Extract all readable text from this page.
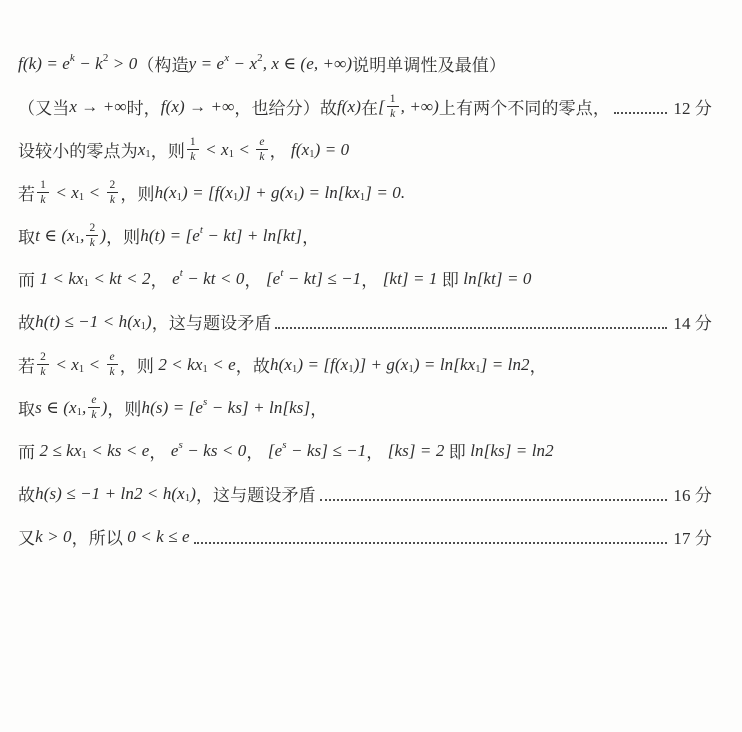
f(k) = e k − k 2 > 0 （构造 y = e x − x 2 , x ∈ (e, +∞) 说明单调性及最值）
（又当 x → +∞ 时， f(x) → +∞ ，也给分）故 f(x) 在 [ $\frac{1}{k}$ , +∞) 上有两个不同的零点，	12 分
设较小的零点为 x 1 ，则 $\frac{1}{k} < x$ $1 < \frac{e}{k}$ ， f(x 1 ) = 0
若 $\frac{1}{k} < x$ $1 < \frac{2}{k}$ ，则 h(x 1 ) = [f(x 1 )] + g(x 1 ) = ln[kx 1 ] = 0.
取 t ∈ (x 1 , $\frac{2}{k}$ ) ，则 h(t) = [e t − kt] + ln[kt] ，
而 1 < kx 1 < kt < 2 ， e t − kt < 0 ， [e t − kt] ≤ −1 ， [kt] = 1 即 ln[kt] = 0
故 h(t) ≤ −1 < h(x 1 ) ，这与题设矛盾	14 分
若 $\frac{2}{k} < x$ $1 < \frac{e}{k}$ ，则 2 < kx 1 < e ，故 h(x 1 ) = [f(x 1 )] + g(x 1 ) = ln[kx 1 ] = ln2 ，
取 s ∈ (x 1 , $\frac{e}{k}$ ) ，则 h(s) = [e s − ks] + ln[ks] ，
而 2 ≤ kx 1 < ks < e ， e s − ks < 0 ， [e s − ks] ≤ −1 ， [ks] = 2 即 ln[ks] = ln2
故 h(s) ≤ −1 + ln2 < h(x 1 ) ，这与题设矛盾	16 分
又 k > 0 ，所以 0 < k ≤ e	17 分
